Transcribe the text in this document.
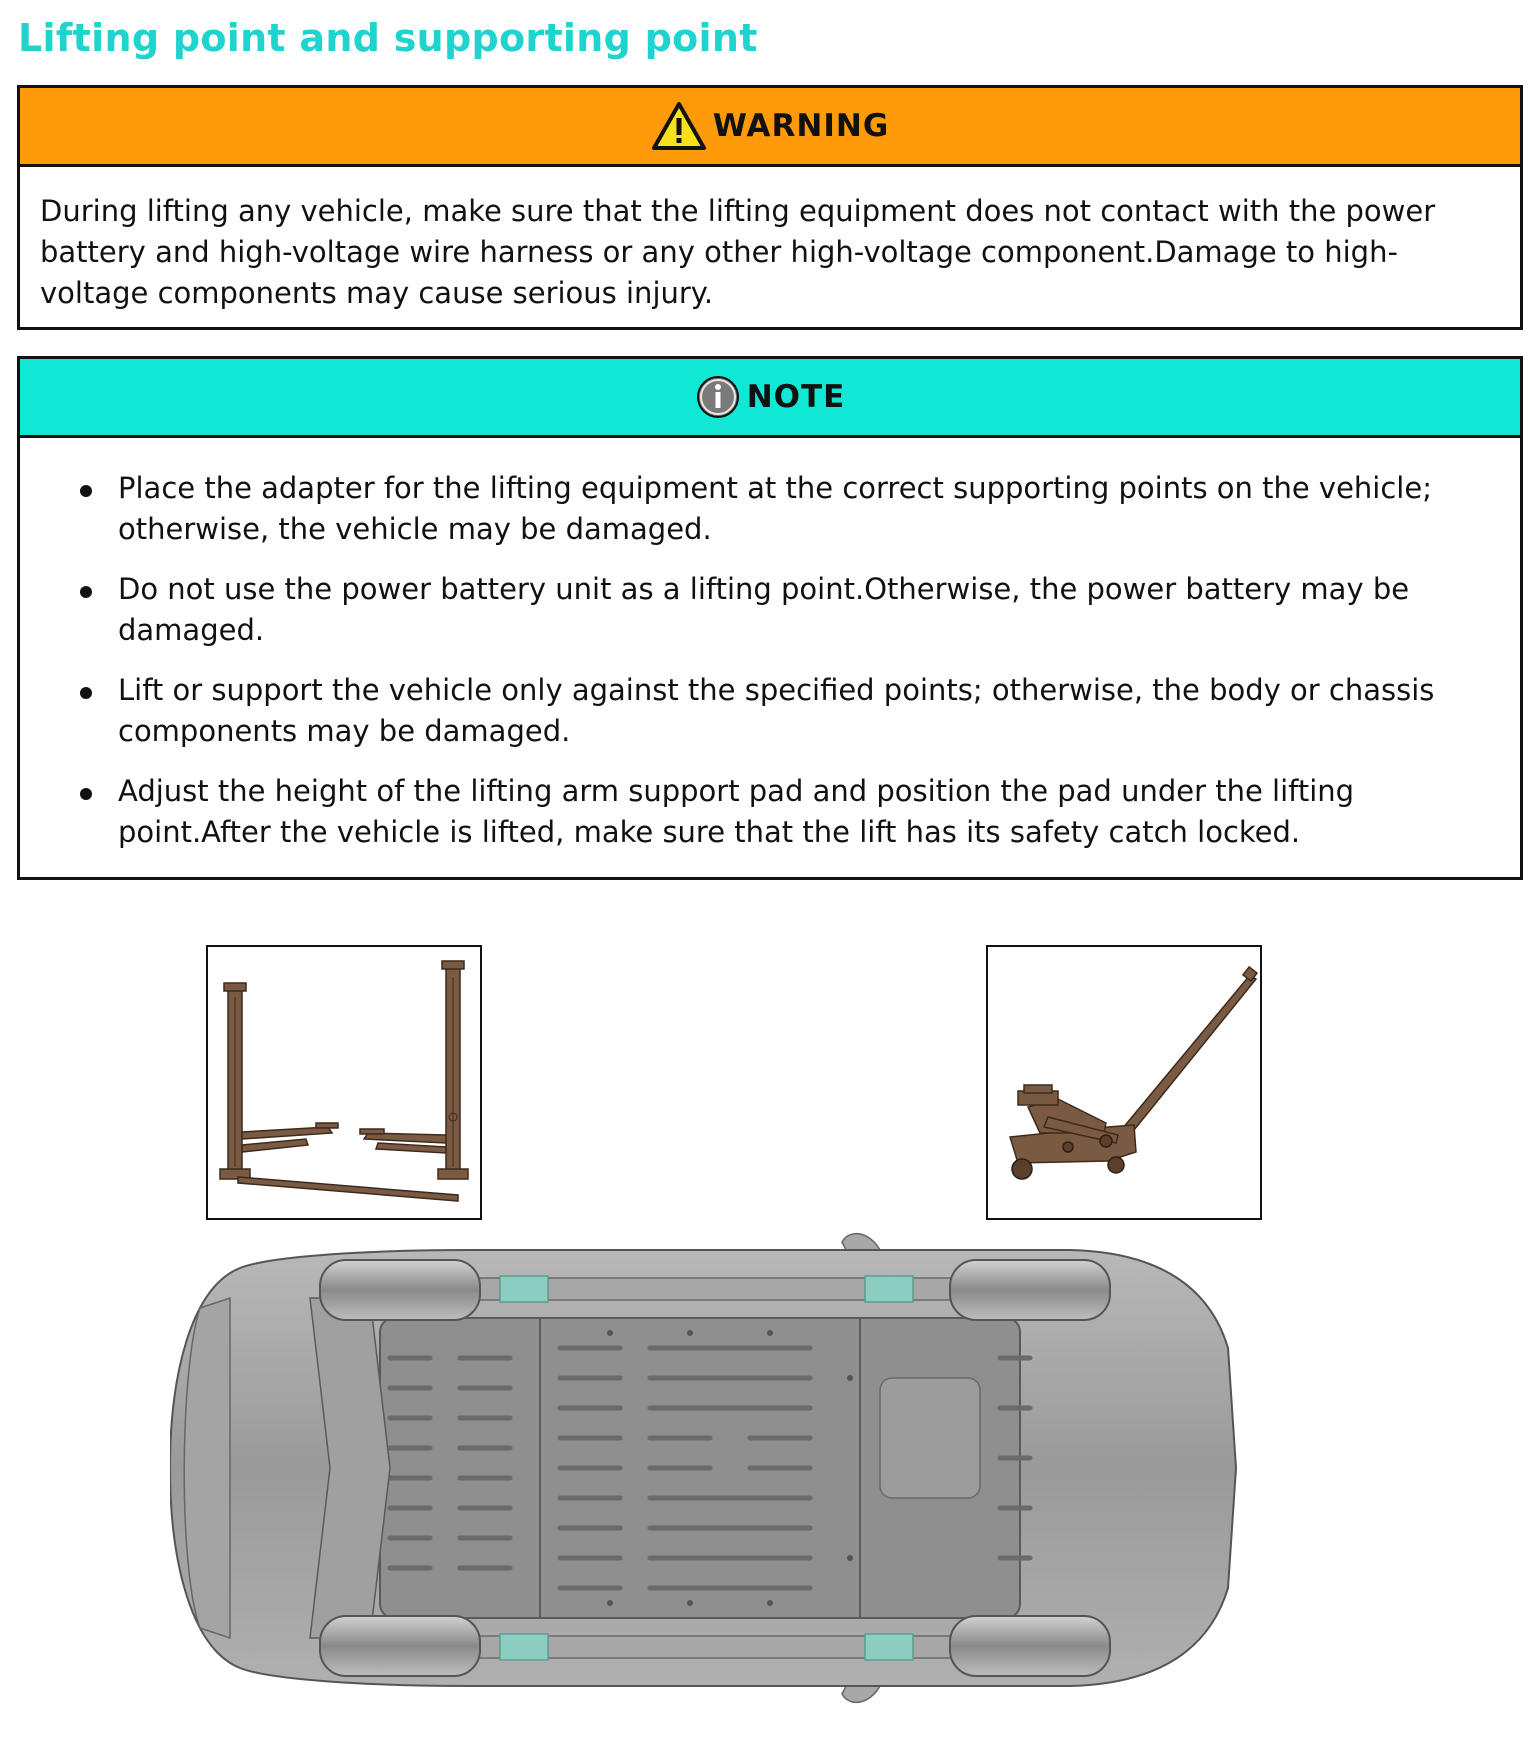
Lifting point and supporting point
WARNING
During lifting any vehicle, make sure that the lifting equipment does not contact with the power battery and high-voltage wire harness or any other high-voltage component.Damage to high-voltage components may cause serious injury.
NOTE
Place the adapter for the lifting equipment at the correct supporting points on the vehicle; otherwise, the vehicle may be damaged.
Do not use the power battery unit as a lifting point.Otherwise, the power battery may be damaged.
Lift or support the vehicle only against the specified points; otherwise, the body or chassis components may be damaged.
Adjust the height of the lifting arm support pad and position the pad under the lifting point.After the vehicle is lifted, make sure that the lift has its safety catch locked.
